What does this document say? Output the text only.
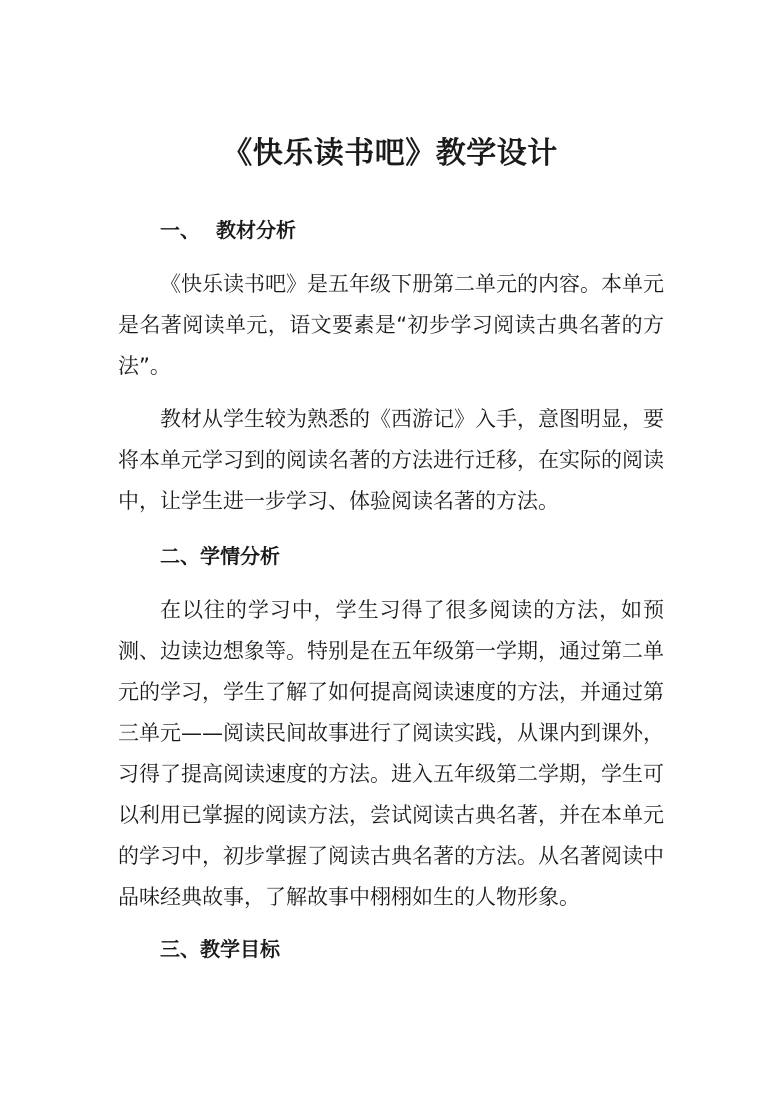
《快乐读书吧》教学设计
一、 教材分析

《快乐读书吧》是五年级下册第二单元的内容。本单元是名著阅读单元，语文要素是“初步学习阅读古典名著的方法”。

教材从学生较为熟悉的《西游记》入手，意图明显，要将本单元学习到的阅读名著的方法进行迁移，在实际的阅读中，让学生进一步学习、体验阅读名著的方法。

二、学情分析

在以往的学习中，学生习得了很多阅读的方法，如预测、边读边想象等。特别是在五年级第一学期，通过第二单元的学习，学生了解了如何提高阅读速度的方法，并通过第三单元——阅读民间故事进行了阅读实践，从课内到课外，习得了提高阅读速度的方法。进入五年级第二学期，学生可以利用已掌握的阅读方法，尝试阅读古典名著，并在本单元的学习中，初步掌握了阅读古典名著的方法。从名著阅读中品味经典故事，了解故事中栩栩如生的人物形象。

三、教学目标
